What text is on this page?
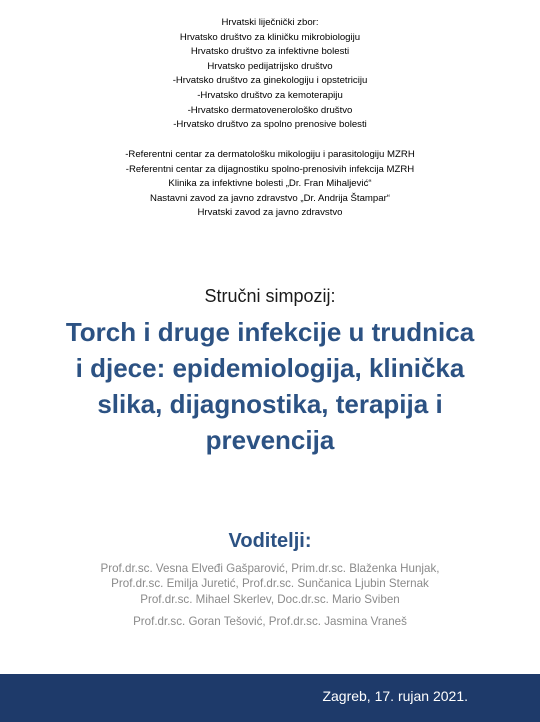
Hrvatski liječnički zbor:
Hrvatsko društvo za kliničku mikrobiologiju
Hrvatsko društvo za infektivne bolesti
Hrvatsko pedijatrijsko društvo
-Hrvatsko društvo za ginekologiju i opstetriciju
-Hrvatsko društvo za kemoterapiju
-Hrvatsko dermatovenerološko društvo
-Hrvatsko društvo za spolno prenosive bolesti
-Referentni centar za dermatološku mikologiju i parasitologiju MZRH
-Referentni centar za dijagnostiku spolno-prenosivih infekcija MZRH
Klinika za infektivne bolesti „Dr. Fran Mihaljević“
Nastavni zavod za javno zdravstvo „Dr. Andrija Štampar“
Hrvatski zavod za javno zdravstvo
Stručni simpozij:
Torch i druge infekcije u trudnica
i djece: epidemiologija, klinička
slika, dijagnostika, terapija i
prevencija
Voditelji:
Prof.dr.sc. Vesna Elveđi Gašparović, Prim.dr.sc. Blaženka Hunjak,
Prof.dr.sc. Emilja Juretić, Prof.dr.sc. Sunčanica Ljubin Sternak
Prof.dr.sc. Mihael Skerlev, Doc.dr.sc. Mario Sviben
Prof.dr.sc. Goran Tešović, Prof.dr.sc. Jasmina Vraneš
Zagreb, 17. rujan 2021.
